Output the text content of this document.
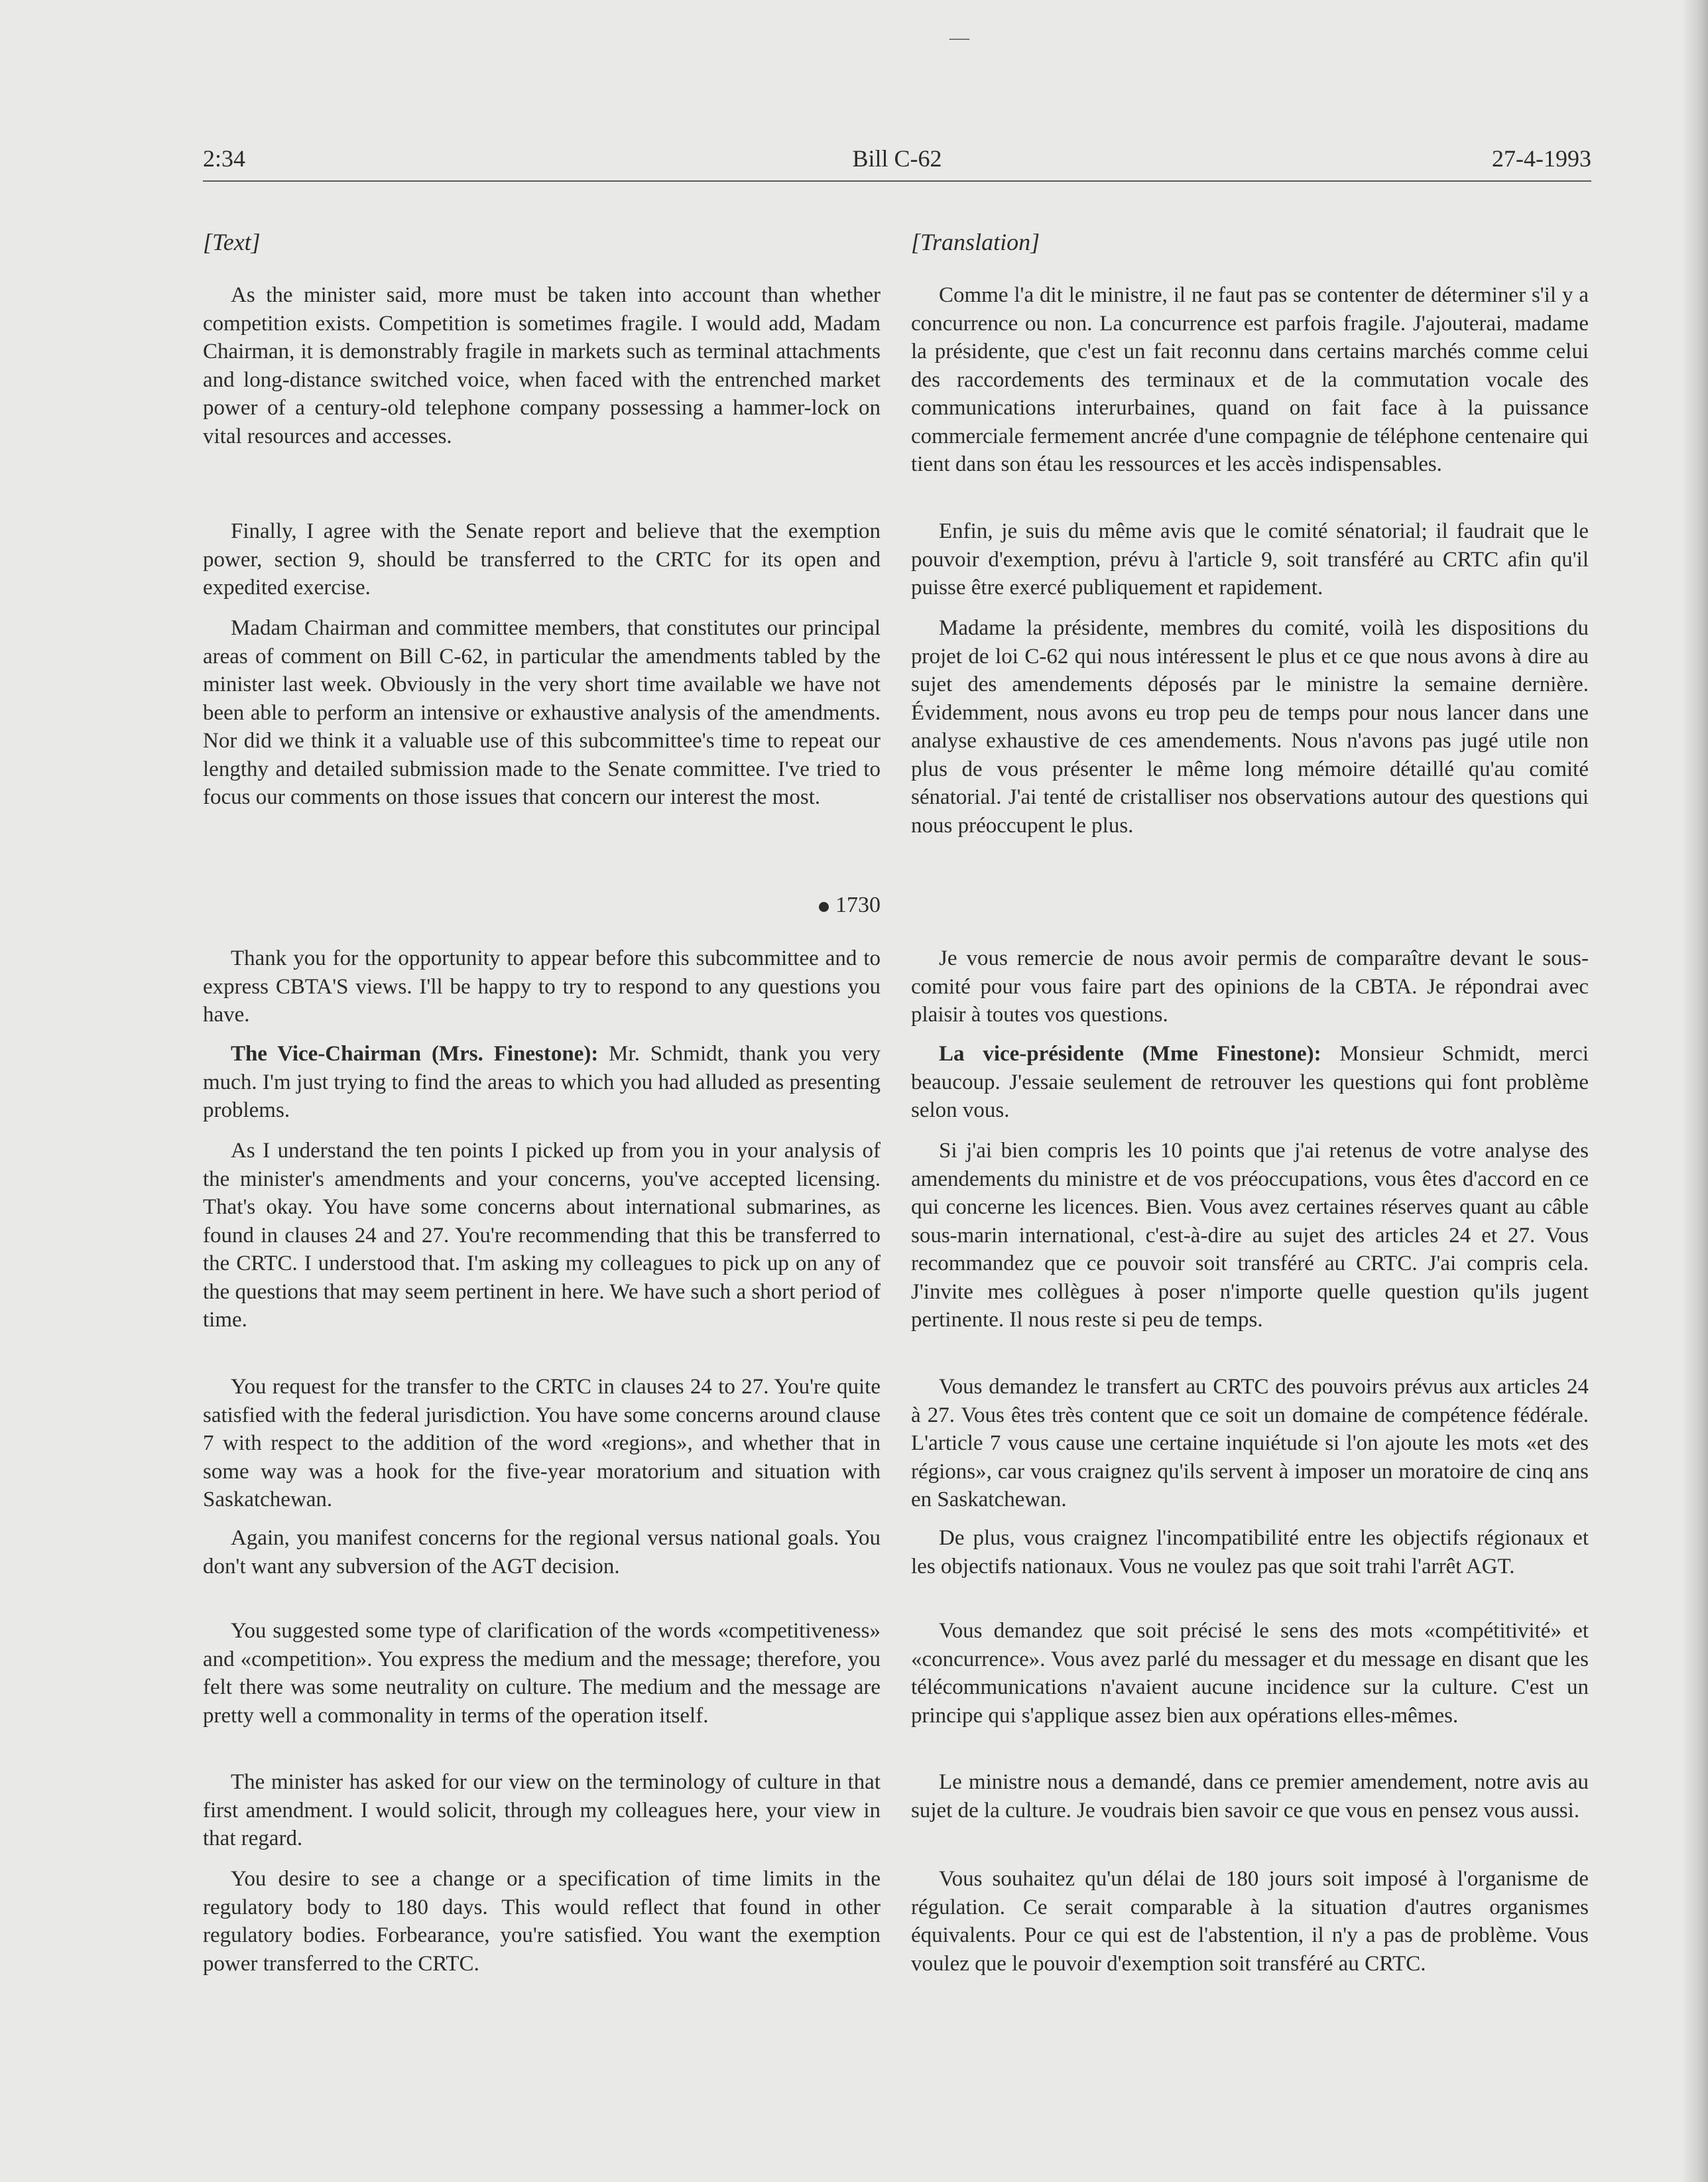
—
2:34	Bill C-62	27-4-1993
[Text]

As the minister said, more must be taken into account than whether competition exists. Competition is sometimes fragile. I would add, Madam Chairman, it is demonstrably fragile in markets such as terminal attachments and long-distance switched voice, when faced with the entrenched market power of a century-old telephone company possessing a hammer-lock on vital resources and accesses.

Finally, I agree with the Senate report and believe that the exemption power, section 9, should be transferred to the CRTC for its open and expedited exercise.

Madam Chairman and committee members, that constitutes our principal areas of comment on Bill C-62, in particular the amendments tabled by the minister last week. Obviously in the very short time available we have not been able to perform an intensive or exhaustive analysis of the amendments. Nor did we think it a valuable use of this subcommittee's time to repeat our lengthy and detailed submission made to the Senate committee. I've tried to focus our comments on those issues that concern our interest the most.

1730

Thank you for the opportunity to appear before this subcommittee and to express CBTA'S views. I'll be happy to try to respond to any questions you have.

The Vice-Chairman (Mrs. Finestone): Mr. Schmidt, thank you very much. I'm just trying to find the areas to which you had alluded as presenting problems.

As I understand the ten points I picked up from you in your analysis of the minister's amendments and your concerns, you've accepted licensing. That's okay. You have some concerns about international submarines, as found in clauses 24 and 27. You're recommending that this be transferred to the CRTC. I understood that. I'm asking my colleagues to pick up on any of the questions that may seem pertinent in here. We have such a short period of time.

You request for the transfer to the CRTC in clauses 24 to 27. You're quite satisfied with the federal jurisdiction. You have some concerns around clause 7 with respect to the addition of the word «regions», and whether that in some way was a hook for the five-year moratorium and situation with Saskatchewan.

Again, you manifest concerns for the regional versus national goals. You don't want any subversion of the AGT decision.

You suggested some type of clarification of the words «competitiveness» and «competition». You express the medium and the message; therefore, you felt there was some neutrality on culture. The medium and the message are pretty well a commonality in terms of the operation itself.

The minister has asked for our view on the terminology of culture in that first amendment. I would solicit, through my colleagues here, your view in that regard.

You desire to see a change or a specification of time limits in the regulatory body to 180 days. This would reflect that found in other regulatory bodies. Forbearance, you're satisfied. You want the exemption power transferred to the CRTC.

[Translation]

Comme l'a dit le ministre, il ne faut pas se contenter de déterminer s'il y a concurrence ou non. La concurrence est parfois fragile. J'ajouterai, madame la présidente, que c'est un fait reconnu dans certains marchés comme celui des raccordements des terminaux et de la commutation vocale des communications interurbaines, quand on fait face à la puissance commerciale fermement ancrée d'une compagnie de téléphone centenaire qui tient dans son étau les ressources et les accès indispensables.

Enfin, je suis du même avis que le comité sénatorial; il faudrait que le pouvoir d'exemption, prévu à l'article 9, soit transféré au CRTC afin qu'il puisse être exercé publiquement et rapidement.

Madame la présidente, membres du comité, voilà les dispositions du projet de loi C-62 qui nous intéressent le plus et ce que nous avons à dire au sujet des amendements déposés par le ministre la semaine dernière. Évidemment, nous avons eu trop peu de temps pour nous lancer dans une analyse exhaustive de ces amendements. Nous n'avons pas jugé utile non plus de vous présenter le même long mémoire détaillé qu'au comité sénatorial. J'ai tenté de cristalliser nos observations autour des questions qui nous préoccupent le plus.

Je vous remercie de nous avoir permis de comparaître devant le sous-comité pour vous faire part des opinions de la CBTA. Je répondrai avec plaisir à toutes vos questions.

La vice-présidente (Mme Finestone): Monsieur Schmidt, merci beaucoup. J'essaie seulement de retrouver les questions qui font problème selon vous.

Si j'ai bien compris les 10 points que j'ai retenus de votre analyse des amendements du ministre et de vos préoccupations, vous êtes d'accord en ce qui concerne les licences. Bien. Vous avez certaines réserves quant au câble sous-marin international, c'est-à-dire au sujet des articles 24 et 27. Vous recommandez que ce pouvoir soit transféré au CRTC. J'ai compris cela. J'invite mes collègues à poser n'importe quelle question qu'ils jugent pertinente. Il nous reste si peu de temps.

Vous demandez le transfert au CRTC des pouvoirs prévus aux articles 24 à 27. Vous êtes très content que ce soit un domaine de compétence fédérale. L'article 7 vous cause une certaine inquiétude si l'on ajoute les mots «et des régions», car vous craignez qu'ils servent à imposer un moratoire de cinq ans en Saskatchewan.

De plus, vous craignez l'incompatibilité entre les objectifs régionaux et les objectifs nationaux. Vous ne voulez pas que soit trahi l'arrêt AGT.

Vous demandez que soit précisé le sens des mots «compétitivité» et «concurrence». Vous avez parlé du messager et du message en disant que les télécommunications n'avaient aucune incidence sur la culture. C'est un principe qui s'applique assez bien aux opérations elles-mêmes.

Le ministre nous a demandé, dans ce premier amendement, notre avis au sujet de la culture. Je voudrais bien savoir ce que vous en pensez vous aussi.

Vous souhaitez qu'un délai de 180 jours soit imposé à l'organisme de régulation. Ce serait comparable à la situation d'autres organismes équivalents. Pour ce qui est de l'abstention, il n'y a pas de problème. Vous voulez que le pouvoir d'exemption soit transféré au CRTC.
